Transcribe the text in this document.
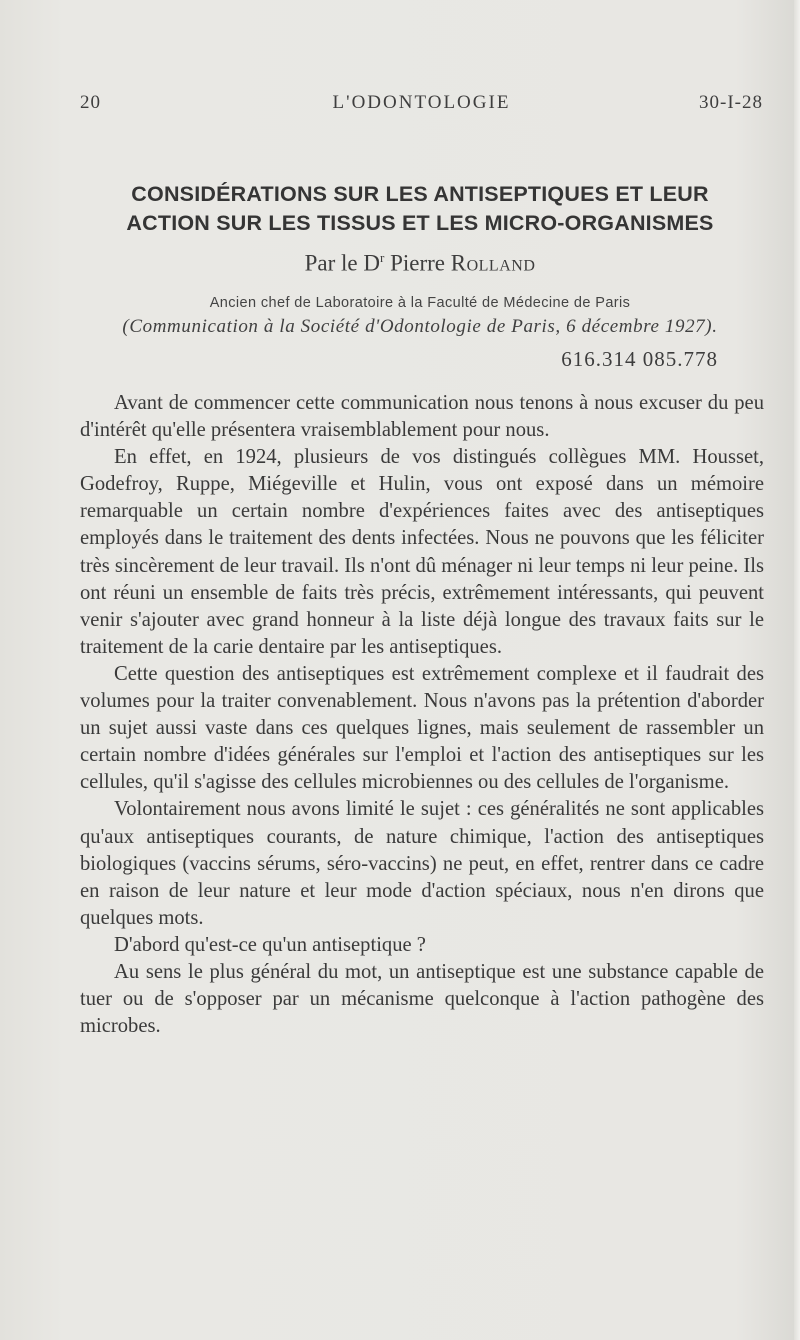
20	L'ODONTOLOGIE	30-I-28
CONSIDÉRATIONS SUR LES ANTISEPTIQUES ET LEUR
ACTION SUR LES TISSUS ET LES MICRO-ORGANISMES
Par le $D^r$ Pierre Rolland
Ancien chef de Laboratoire à la Faculté de Médecine de Paris
(Communication à la Société d'Odontologie de Paris, 6 décembre 1927).
616.314 085.778

Avant de commencer cette communication nous tenons à nous excuser du peu d'intérêt qu'elle présentera vraisemblablement pour nous.

En effet, en 1924, plusieurs de vos distingués collègues MM. Housset, Godefroy, Ruppe, Miégeville et Hulin, vous ont exposé dans un mémoire remarquable un certain nombre d'expériences faites avec des antiseptiques employés dans le traitement des dents infectées. Nous ne pouvons que les féliciter très sincèrement de leur travail. Ils n'ont dû ménager ni leur temps ni leur peine. Ils ont réuni un ensemble de faits très précis, extrêmement intéressants, qui peuvent venir s'ajouter avec grand honneur à la liste déjà longue des travaux faits sur le traitement de la carie dentaire par les antiseptiques.

Cette question des antiseptiques est extrêmement complexe et il faudrait des volumes pour la traiter convenablement. Nous n'avons pas la prétention d'aborder un sujet aussi vaste dans ces quelques lignes, mais seulement de rassembler un certain nombre d'idées générales sur l'emploi et l'action des antiseptiques sur les cellules, qu'il s'agisse des cellules microbiennes ou des cellules de l'organisme.

Volontairement nous avons limité le sujet : ces généralités ne sont applicables qu'aux antiseptiques courants, de nature chimique, l'action des antiseptiques biologiques (vaccins sérums, séro-vaccins) ne peut, en effet, rentrer dans ce cadre en raison de leur nature et leur mode d'action spéciaux, nous n'en dirons que quelques mots.

D'abord qu'est-ce qu'un antiseptique ?

Au sens le plus général du mot, un antiseptique est une substance capable de tuer ou de s'opposer par un mécanisme quelconque à l'action pathogène des microbes.
